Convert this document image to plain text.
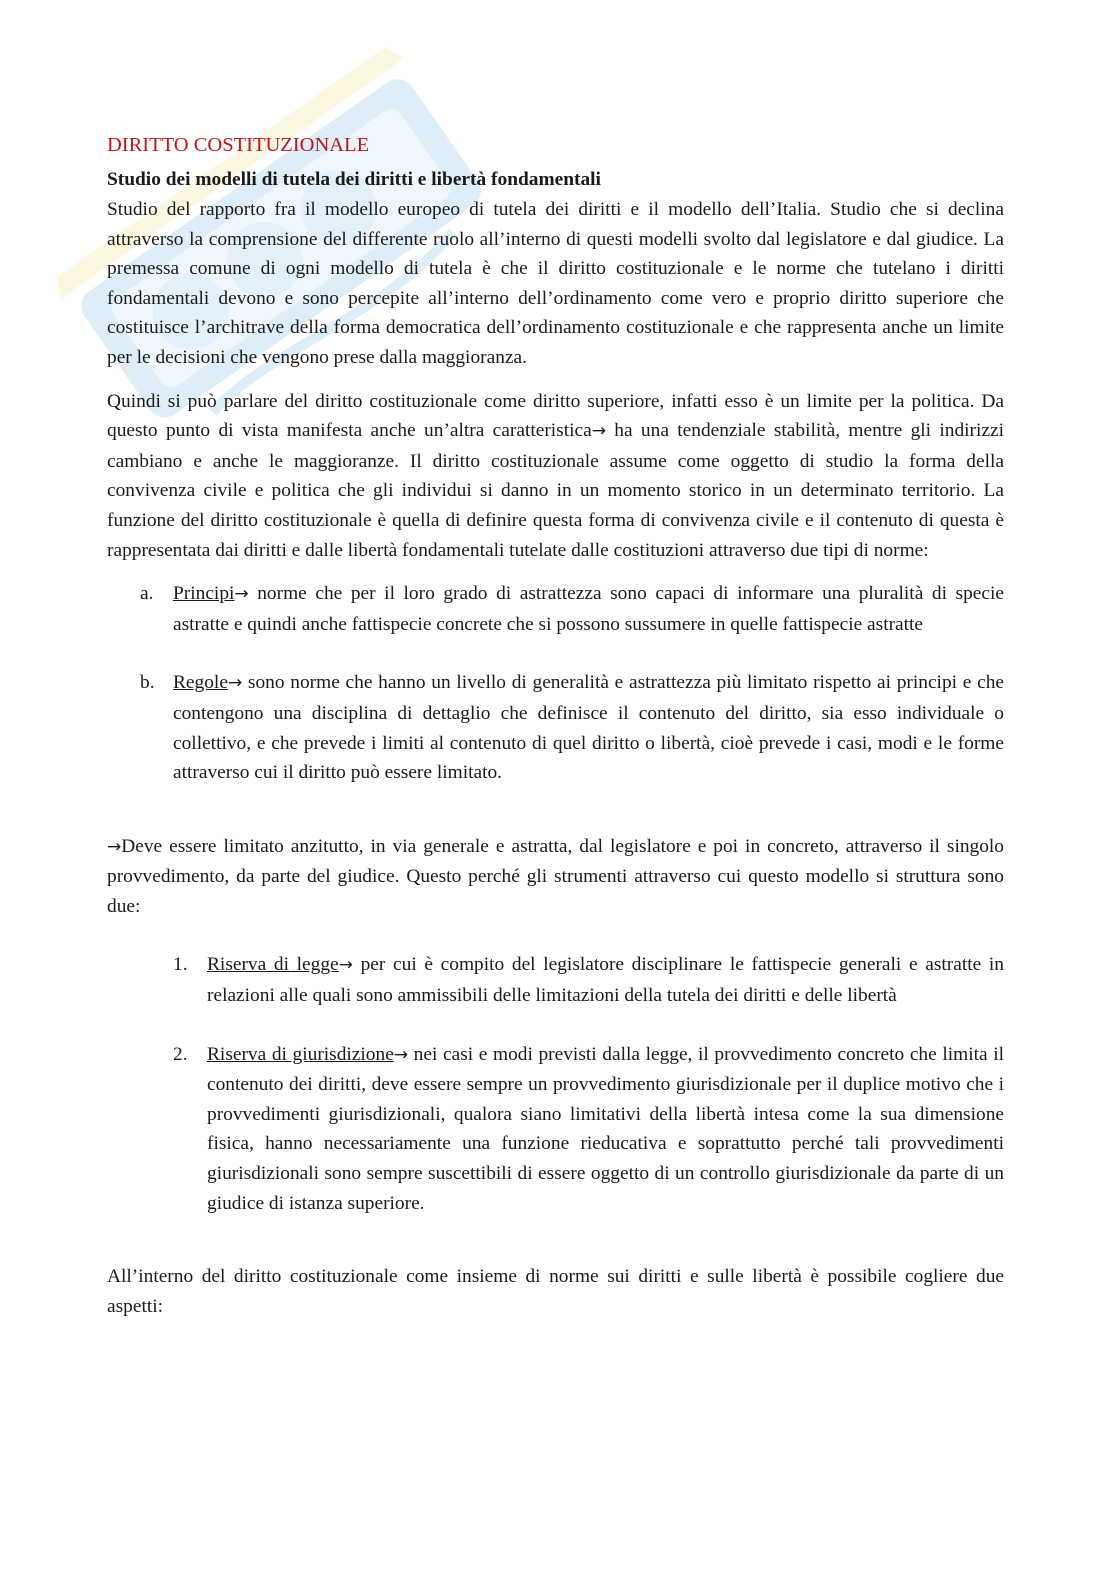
DIRITTO COSTITUZIONALE

Studio dei modelli di tutela dei diritti e libertà fondamentali

Studio del rapporto fra il modello europeo di tutela dei diritti e il modello dell’Italia. Studio che si declina attraverso la comprensione del differente ruolo all’interno di questi modelli svolto dal legislatore e dal giudice. La premessa comune di ogni modello di tutela è che il diritto costituzionale e le norme che tutelano i diritti fondamentali devono e sono percepite all’interno dell’ordinamento come vero e proprio diritto superiore che costituisce l’architrave della forma democratica dell’ordinamento costituzionale e che rappresenta anche un limite per le decisioni che vengono prese dalla maggioranza.

Quindi si può parlare del diritto costituzionale come diritto superiore, infatti esso è un limite per la politica. Da questo punto di vista manifesta anche un’altra caratteristica→ ha una tendenziale stabilità, mentre gli indirizzi cambiano e anche le maggioranze. Il diritto costituzionale assume come oggetto di studio la forma della convivenza civile e politica che gli individui si danno in un momento storico in un determinato territorio. La funzione del diritto costituzionale è quella di definire questa forma di convivenza civile e il contenuto di questa è rappresentata dai diritti e dalle libertà fondamentali tutelate dalle costituzioni attraverso due tipi di norme:

a. Principi→ norme che per il loro grado di astrattezza sono capaci di informare una pluralità di specie astratte e quindi anche fattispecie concrete che si possono sussumere in quelle fattispecie astratte
b. Regole→ sono norme che hanno un livello di generalità e astrattezza più limitato rispetto ai principi e che contengono una disciplina di dettaglio che definisce il contenuto del diritto, sia esso individuale o collettivo, e che prevede i limiti al contenuto di quel diritto o libertà, cioè prevede i casi, modi e le forme attraverso cui il diritto può essere limitato.

→Deve essere limitato anzitutto, in via generale e astratta, dal legislatore e poi in concreto, attraverso il singolo provvedimento, da parte del giudice. Questo perché gli strumenti attraverso cui questo modello si struttura sono due:

1. Riserva di legge→ per cui è compito del legislatore disciplinare le fattispecie generali e astratte in relazioni alle quali sono ammissibili delle limitazioni della tutela dei diritti e delle libertà
2. Riserva di giurisdizione→ nei casi e modi previsti dalla legge, il provvedimento concreto che limita il contenuto dei diritti, deve essere sempre un provvedimento giurisdizionale per il duplice motivo che i provvedimenti giurisdizionali, qualora siano limitativi della libertà intesa come la sua dimensione fisica, hanno necessariamente una funzione rieducativa e soprattutto perché tali provvedimenti giurisdizionali sono sempre suscettibili di essere oggetto di un controllo giurisdizionale da parte di un giudice di istanza superiore.

All’interno del diritto costituzionale come insieme di norme sui diritti e sulle libertà è possibile cogliere due aspetti:
